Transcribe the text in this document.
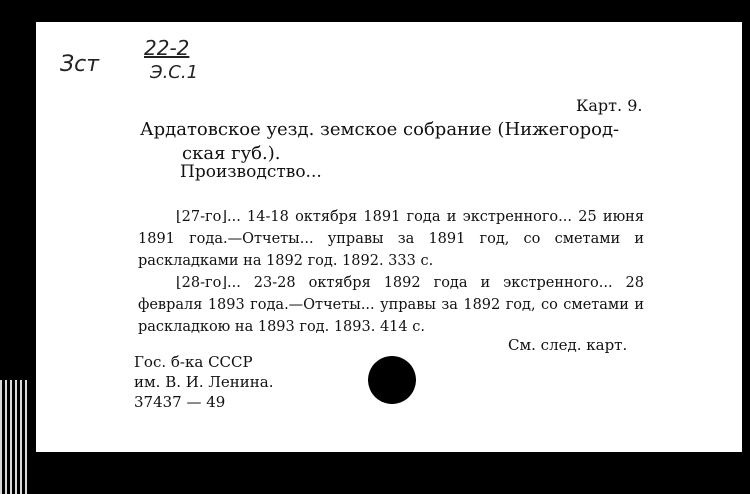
Зст
22-2
Э.С.1
Карт. 9.
Ардатовское уезд. земское собрание (Нижегород-
ская губ.).
Производство...

⌊27-го⌋... 14-18 октября 1891 года и экстренного... 25 июня 1891 года.—Отчеты... управы за 1891 год, со сметами и раскладками на 1892 год. 1892. 333 с.

⌊28-го⌋... 23-28 октября 1892 года и экстренного... 28 февраля 1893 года.—Отчеты... управы за 1892 год, со сметами и раскладкою на 1893 год. 1893. 414 с.

См. след. карт.
Гос. б-ка СССР
им. В. И. Ленина.
37437 — 49
